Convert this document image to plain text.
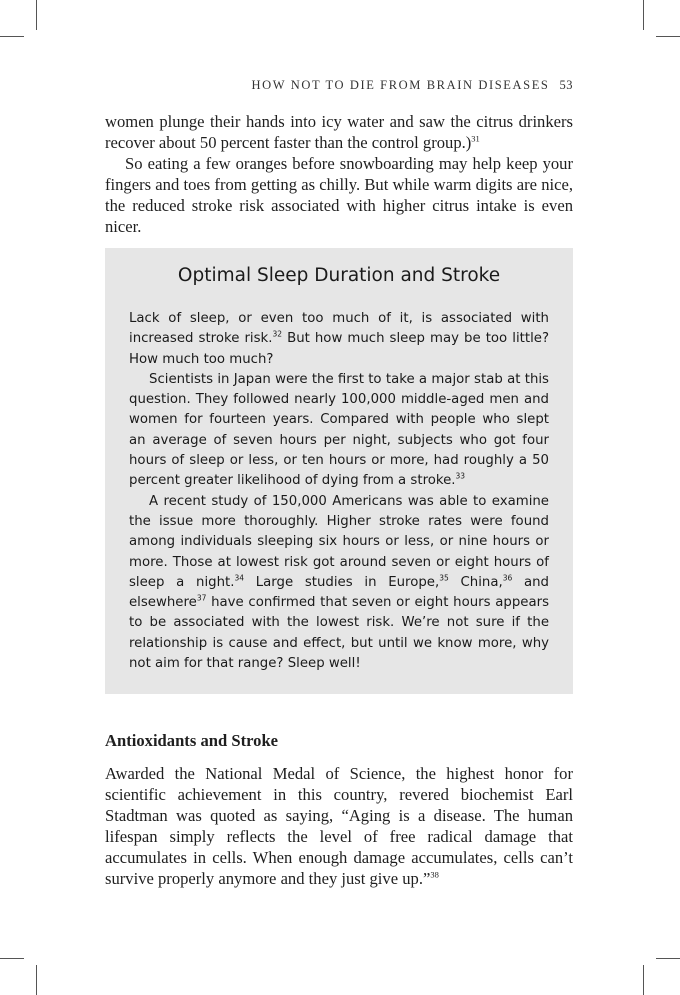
HOW NOT TO DIE FROM BRAIN DISEASES 53

women plunge their hands into icy water and saw the citrus drinkers recover about 50 percent faster than the control group.)$^{31}$

So eating a few oranges before snowboarding may help keep your fingers and toes from getting as chilly. But while warm digits are nice, the reduced stroke risk associated with higher citrus intake is even nicer.

Optimal Sleep Duration and Stroke

Lack of sleep, or even too much of it, is associated with increased stroke risk.$^{32}$ But how much sleep may be too little? How much too much?

Scientists in Japan were the first to take a major stab at this question. They followed nearly 100,000 middle-aged men and women for fourteen years. Compared with people who slept an average of seven hours per night, subjects who got four hours of sleep or less, or ten hours or more, had roughly a 50 percent greater likelihood of dying from a stroke.$^{33}$

A recent study of 150,000 Americans was able to examine the issue more thoroughly. Higher stroke rates were found among individuals sleeping six hours or less, or nine hours or more. Those at lowest risk got around seven or eight hours of sleep a night.$^{34}$ Large studies in Europe,$^{35}$ China,$^{36}$ and elsewhere$^{37}$ have confirmed that seven or eight hours appears to be associated with the lowest risk. We’re not sure if the relationship is cause and effect, but until we know more, why not aim for that range? Sleep well!

Antioxidants and Stroke

Awarded the National Medal of Science, the highest honor for scientific achievement in this country, revered biochemist Earl Stadtman was quoted as saying, “Aging is a disease. The human lifespan simply reflects the level of free radical damage that accumulates in cells. When enough damage accumulates, cells can’t survive properly anymore and they just give up.”$^{38}$
